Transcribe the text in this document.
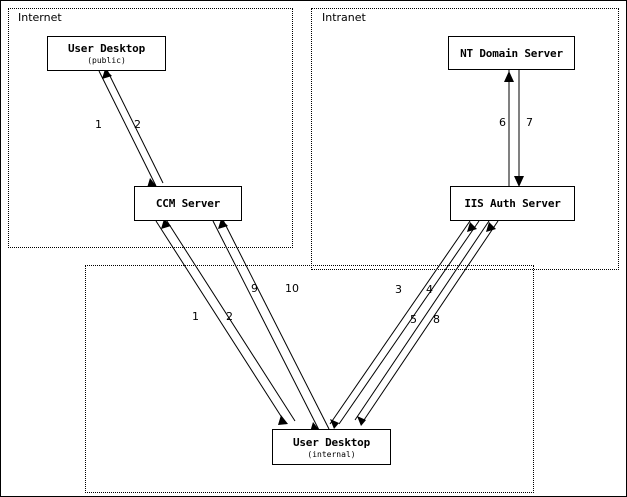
Internet	Intranet
User Desktop
(public)
CCM Server
NT Domain Server
IIS Auth Server
User Desktop
(internal)
1	2	6 7
9 10
1 2
3 4
5 8
